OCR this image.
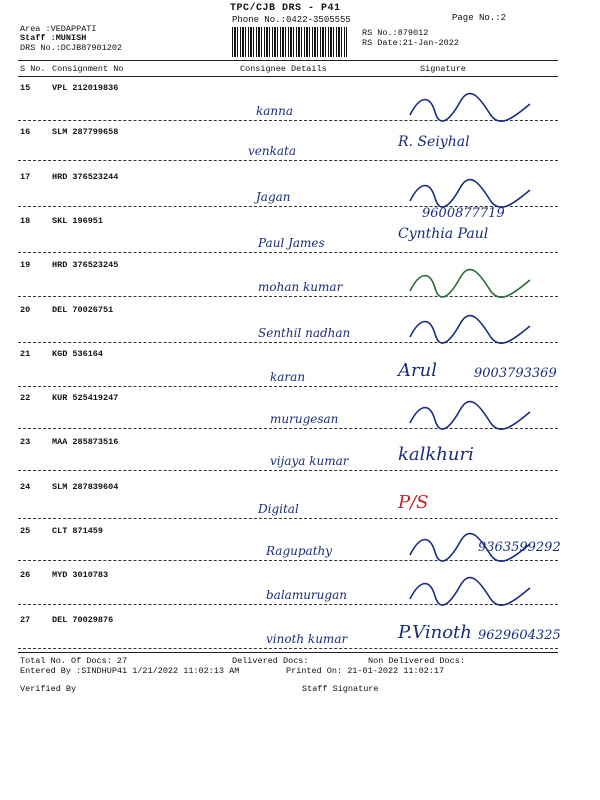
TPC/CJB DRS - P41
Phone No.:0422-3505555	Page No.:2
Area :VEDAPPATI
Staff :MUNISH
DRS No.:DCJB87901202
RS No.:879012
RS Date:21-Jan-2022
S No. Consignment No	Consignee Details	Signature
15	VPL 212019836
kanna
16	SLM 287799658
venkata
R. Seiyhal
17	HRD 376523244
Jagan
18	SKL 196951
Paul James
Cynthia Paul
9600877719
19	HRD 376523245
mohan kumar
20	DEL 70026751
Senthil nadhan
21	KGD 536164
karan	Arul	9003793369
22	KUR 525419247
murugesan
23	MAA 285873516
vijaya kumar	kalkhuri
24	SLM 287839604
Digital	P/S
25	CLT 871459
Ragupathy	9363599292
26	MYD 3010783
balamurugan
27	DEL 70029876
vinoth kumar	P.Vinoth 9629604325
Total No. Of Docs: 27	Delivered Docs:	Non Delivered Docs:
Entered By :SINDHUP41 1/21/2022 11:02:13 AM	Printed On: 21-01-2022 11:02:17
Verified By	Staff Signature
